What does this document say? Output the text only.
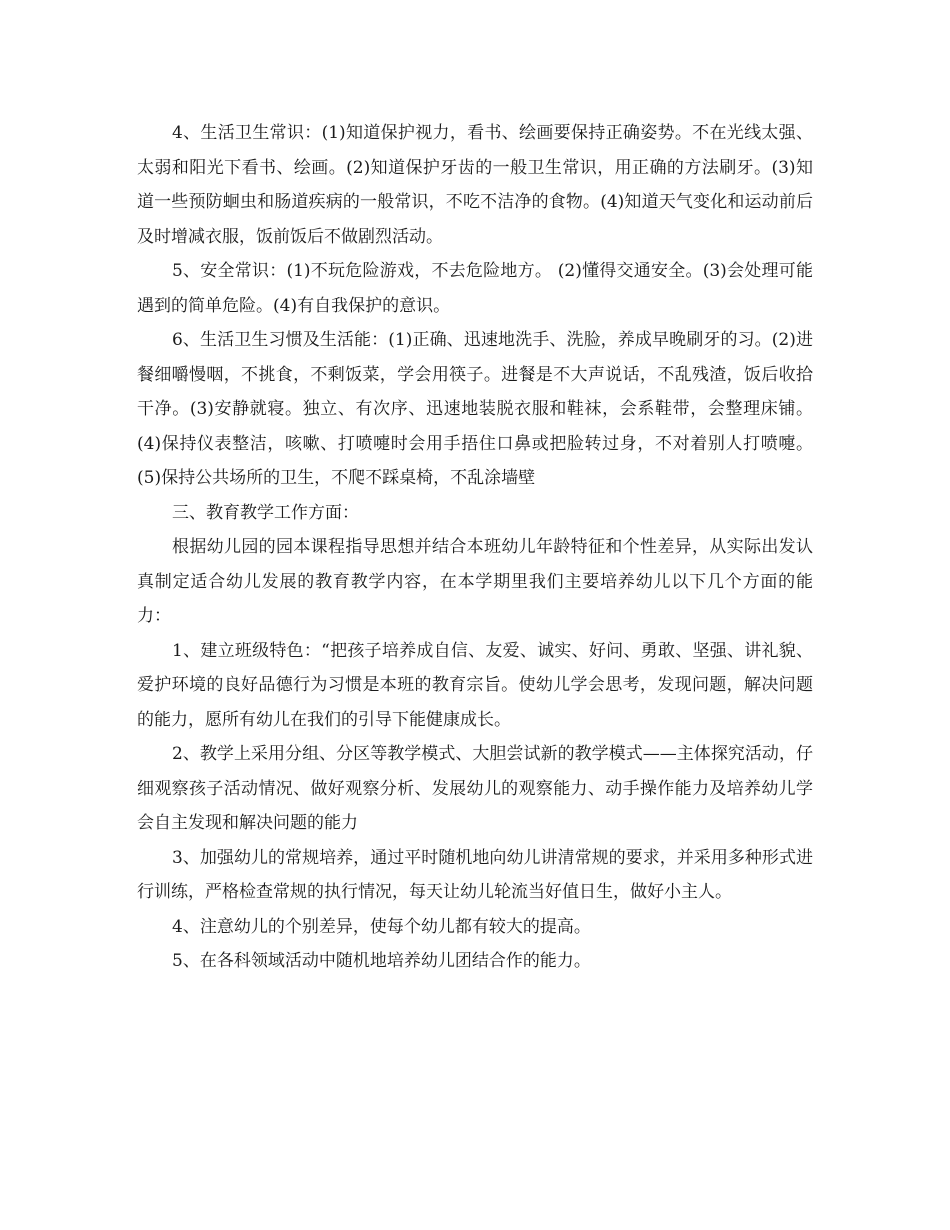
4、生活卫生常识：(1)知道保护视力，看书、绘画要保持正确姿势。不在光线太强、太弱和阳光下看书、绘画。(2)知道保护牙齿的一般卫生常识，用正确的方法刷牙。(3)知道一些预防蛔虫和肠道疾病的一般常识，不吃不洁净的食物。(4)知道天气变化和运动前后及时增减衣服，饭前饭后不做剧烈活动。

5、安全常识：(1)不玩危险游戏，不去危险地方。 (2)懂得交通安全。(3)会处理可能遇到的简单危险。(4)有自我保护的意识。

6、生活卫生习惯及生活能：(1)正确、迅速地洗手、洗脸，养成早晚刷牙的习。(2)进餐细嚼慢咽，不挑食，不剩饭菜，学会用筷子。进餐是不大声说话，不乱残渣，饭后收拾干净。(3)安静就寝。独立、有次序、迅速地装脱衣服和鞋袜，会系鞋带，会整理床铺。(4)保持仪表整洁，咳嗽、打喷嚏时会用手捂住口鼻或把脸转过身，不对着别人打喷嚏。(5)保持公共场所的卫生，不爬不踩桌椅，不乱涂墙壁

三、教育教学工作方面：

根据幼儿园的园本课程指导思想并结合本班幼儿年龄特征和个性差异，从实际出发认真制定适合幼儿发展的教育教学内容，在本学期里我们主要培养幼儿以下几个方面的能力：

1、建立班级特色：“把孩子培养成自信、友爱、诚实、好问、勇敢、坚强、讲礼貌、爱护环境的良好品德行为习惯是本班的教育宗旨。使幼儿学会思考，发现问题，解决问题的能力，愿所有幼儿在我们的引导下能健康成长。

2、教学上采用分组、分区等教学模式、大胆尝试新的教学模式——主体探究活动，仔细观察孩子活动情况、做好观察分析、发展幼儿的观察能力、动手操作能力及培养幼儿学会自主发现和解决问题的能力

3、加强幼儿的常规培养，通过平时随机地向幼儿讲清常规的要求，并采用多种形式进行训练，严格检查常规的执行情况，每天让幼儿轮流当好值日生，做好小主人。

4、注意幼儿的个别差异，使每个幼儿都有较大的提高。

5、在各科领域活动中随机地培养幼儿团结合作的能力。
